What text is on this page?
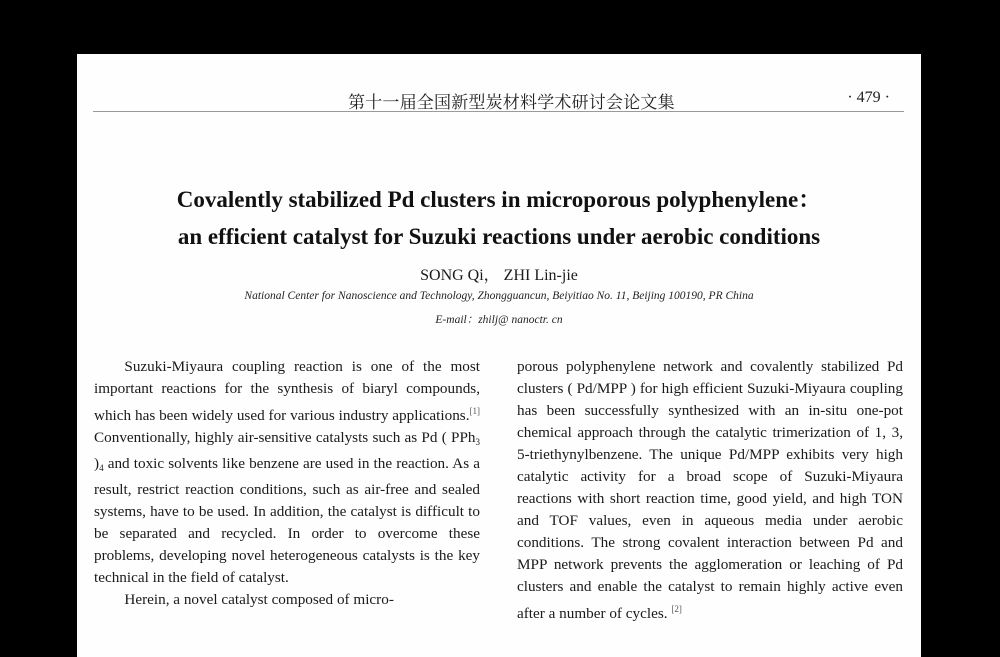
第十一届全国新型炭材料学术研讨会论文集	· 479 ·
Covalently stabilized Pd clusters in microporous polyphenylene：
an efficient catalyst for Suzuki reactions under aerobic conditions
SONG Qi， ZHI Lin-jie
National Center for Nanoscience and Technology, Zhongguancun, Beiyitiao No. 11, Beijing 100190, PR China
E-mail：zhilj@ nanoctr. cn

Suzuki-Miyaura coupling reaction is one of the most important reactions for the synthesis of biaryl compounds, which has been widely used for various industry applications.[1] Conventionally, highly air-sensitive catalysts such as Pd ( PPh$_3$ )$_4$ and toxic solvents like benzene are used in the reaction. As a result, restrict reaction conditions, such as air-free and sealed systems, have to be used. In addition, the catalyst is difficult to be separated and recycled. In order to overcome these problems, developing novel heterogeneous catalysts is the key technical in the field of catalyst.

Herein, a novel catalyst composed of micro-

porous polyphenylene network and covalently stabilized Pd clusters ( Pd/MPP ) for high efficient Suzuki-Miyaura coupling has been successfully synthesized with an in-situ one-pot chemical approach through the catalytic trimerization of 1, 3, 5-triethynylbenzene. The unique Pd/MPP exhibits very high catalytic activity for a broad scope of Suzuki-Miyaura reactions with short reaction time, good yield, and high TON and TOF values, even in aqueous media under aerobic conditions. The strong covalent interaction between Pd and MPP network prevents the agglomeration or leaching of Pd clusters and enable the catalyst to remain highly active even after a number of cycles. [2]
